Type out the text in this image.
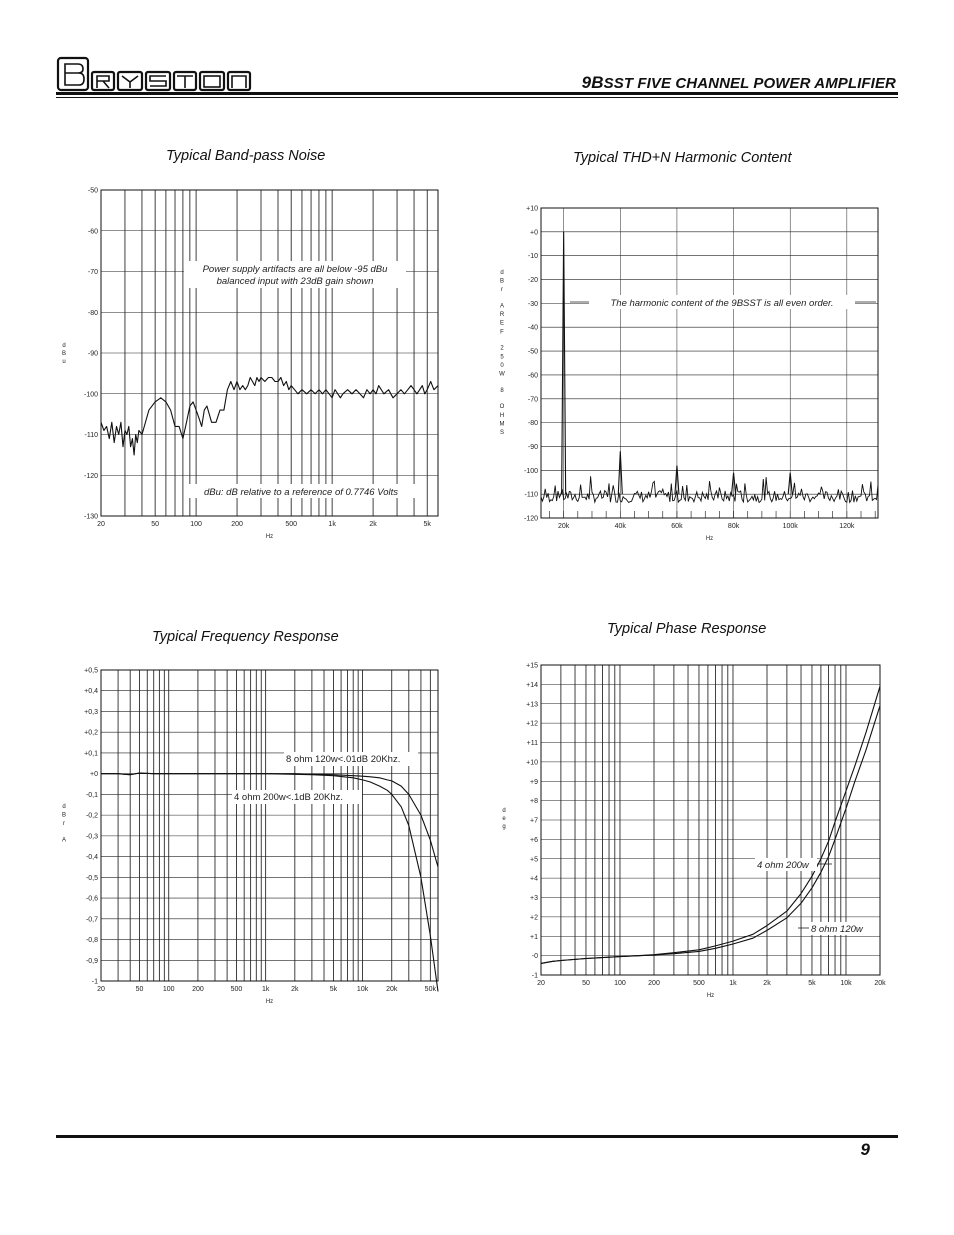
9BSST FIVE CHANNEL POWER AMPLIFIER
Typical Band-pass Noise	Typical THD+N Harmonic Content
Typical Frequency Response	Typical Phase Response
-50
-60
-70
-80
-90
-100
-110
-120
-130
20	50	100	200	500	1k	2k	5k
Hz
d B u
Power supply artifacts are all below -95 dBu
balanced input with 23dB gain shown
dBu: dB relative to a reference of 0.7746 Volts
+10
+0
-10
-20
-30
-40
-50
-60
-70
-80
-90
-100
-110
-120
20k	40k	60k	80k	100k	120k
Hz
d B r A R E F 2 5 0 W 8 O H M S
The harmonic content of the 9BSST is all even order.
+0,5
+0,4
+0,3
+0,2
+0,1
+0
-0,1
-0,2
-0,3
-0,4
-0,5
-0,6
-0,7
-0,8
-0,9
-1
20	50	100 200	500	1k	2k	5k	10k	20k	50k
Hz
d B r A
8 ohm 120w<.01dB 20Khz.
4 ohm 200w<.1dB 20Khz.
+15
+14
+13
+12
+11
+10
+9
+8
+7
+6
+5
+4
+3
+2
+1
-0
-1
20	50	100	200	500	1k	2k	5k	10k	20k
Hz
d e g
4 ohm 200w
8 ohm 120w

9
